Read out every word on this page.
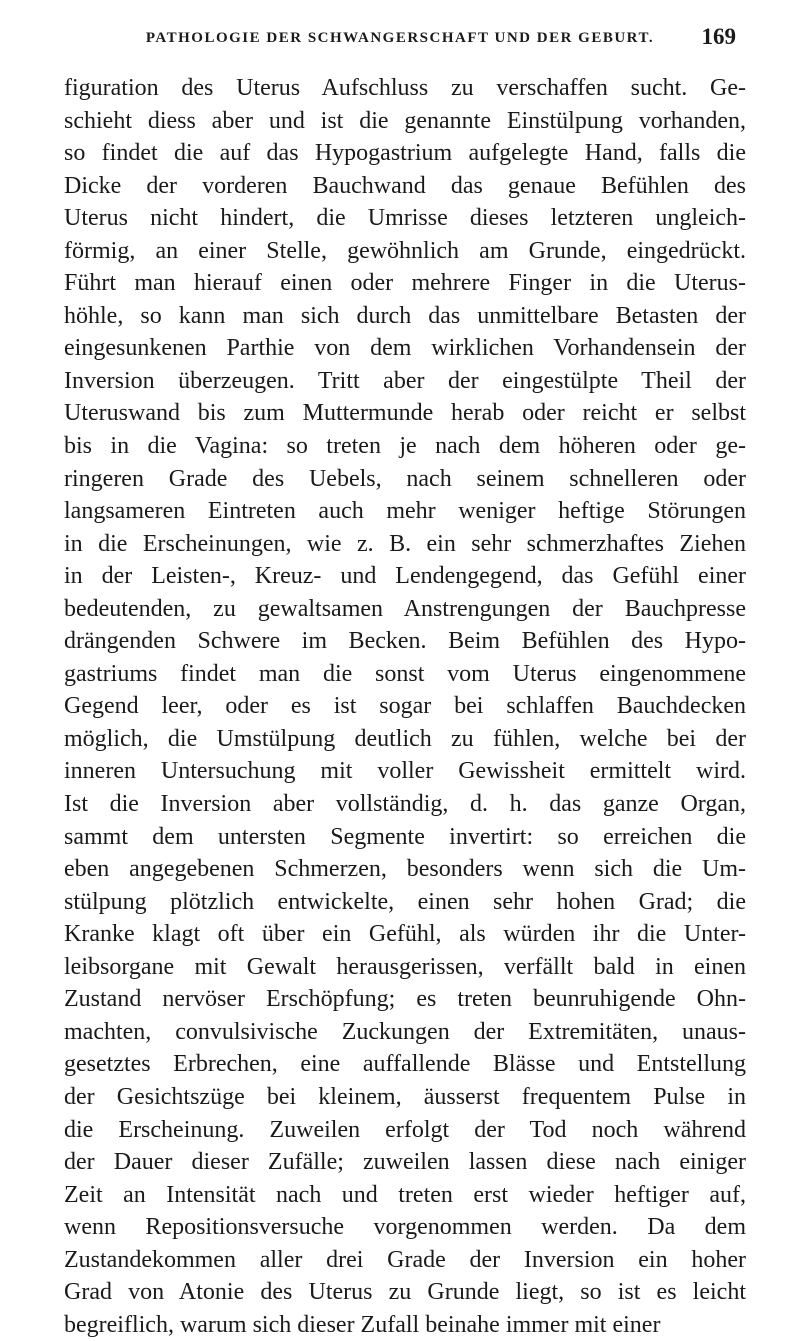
PATHOLOGIE DER SCHWANGERSCHAFT UND DER GEBURT.	169
figuration des Uterus Aufschluss zu verschaffen sucht. Ge-
schieht diess aber und ist die genannte Einstülpung vorhanden,
so findet die auf das Hypogastrium aufgelegte Hand, falls die
Dicke der vorderen Bauchwand das genaue Befühlen des
Uterus nicht hindert, die Umrisse dieses letzteren ungleich-
förmig, an einer Stelle, gewöhnlich am Grunde, eingedrückt.
Führt man hierauf einen oder mehrere Finger in die Uterus-
höhle, so kann man sich durch das unmittelbare Betasten der
eingesunkenen Parthie von dem wirklichen Vorhandensein der
Inversion überzeugen. Tritt aber der eingestülpte Theil der
Uteruswand bis zum Muttermunde herab oder reicht er selbst
bis in die Vagina: so treten je nach dem höheren oder ge-
ringeren Grade des Uebels, nach seinem schnelleren oder
langsameren Eintreten auch mehr weniger heftige Störungen
in die Erscheinungen, wie z. B. ein sehr schmerzhaftes Ziehen
in der Leisten-, Kreuz- und Lendengegend, das Gefühl einer
bedeutenden, zu gewaltsamen Anstrengungen der Bauchpresse
drängenden Schwere im Becken. Beim Befühlen des Hypo-
gastriums findet man die sonst vom Uterus eingenommene
Gegend leer, oder es ist sogar bei schlaffen Bauchdecken
möglich, die Umstülpung deutlich zu fühlen, welche bei der
inneren Untersuchung mit voller Gewissheit ermittelt wird.
Ist die Inversion aber vollständig, d. h. das ganze Organ,
sammt dem untersten Segmente invertirt: so erreichen die
eben angegebenen Schmerzen, besonders wenn sich die Um-
stülpung plötzlich entwickelte, einen sehr hohen Grad; die
Kranke klagt oft über ein Gefühl, als würden ihr die Unter-
leibsorgane mit Gewalt herausgerissen, verfällt bald in einen
Zustand nervöser Erschöpfung; es treten beunruhigende Ohn-
machten, convulsivische Zuckungen der Extremitäten, unaus-
gesetztes Erbrechen, eine auffallende Blässe und Entstellung
der Gesichtszüge bei kleinem, äusserst frequentem Pulse in
die Erscheinung. Zuweilen erfolgt der Tod noch während
der Dauer dieser Zufälle; zuweilen lassen diese nach einiger
Zeit an Intensität nach und treten erst wieder heftiger auf,
wenn Repositionsversuche vorgenommen werden. Da dem
Zustandekommen aller drei Grade der Inversion ein hoher
Grad von Atonie des Uterus zu Grunde liegt, so ist es leicht
begreiflich, warum sich dieser Zufall beinahe immer mit einer
